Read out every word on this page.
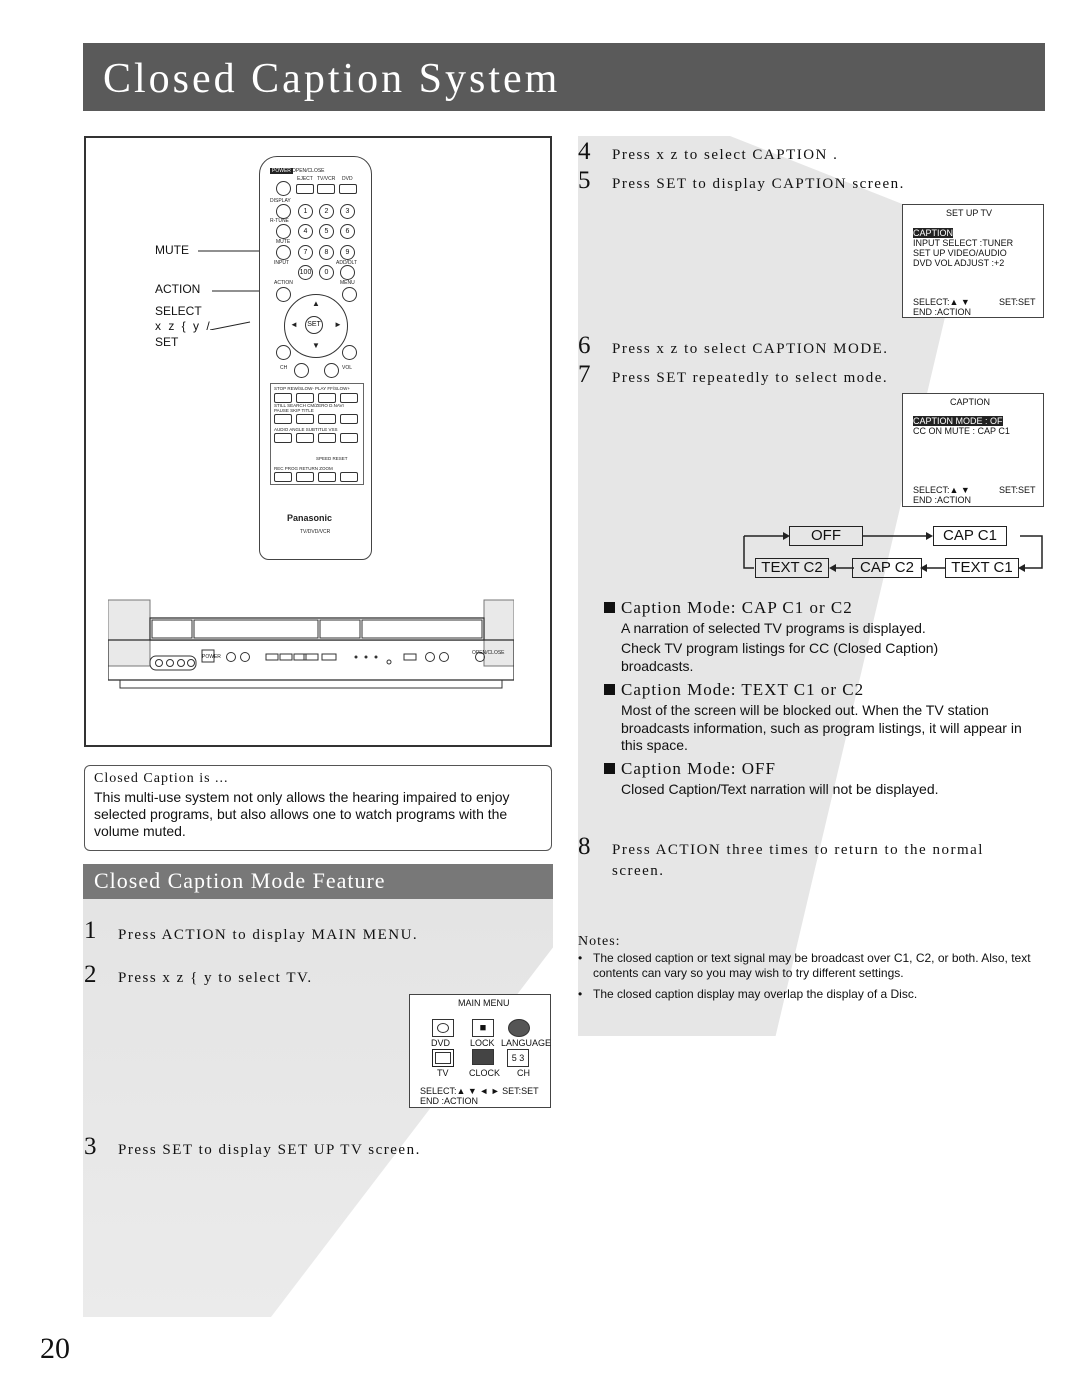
Closed Caption System
MUTE
ACTION
SELECT
x z { y /
SET
POWER OPEN/CLOSE
EJECT TV/VCR DVD
DISPLAY
1	2	3
R-TUNE
4	5	6
MUTE
7	8	9
INPUT	ADD/DLT
100	0
ACTION	MENU
SET
▲
▼
◄	►
CH	VOL
STOP REW/SLOW- PLAY FF/SLOW+
STILL SEARCH CM/ZERO D.NAVI
PAUSE SKIP TITLE
AUDIO ANGLE SUBTITLE VSS
SPEED RESET
REC PROG RETURN ZOOM
Panasonic
TV/DVD/VCR
POWER
OPEN/CLOSE
Closed Caption is ...
This multi-use system not only allows the hearing impaired to enjoy selected programs, but also allows one to watch programs with the volume muted.
Closed Caption Mode Feature
1 Press ACTION to display MAIN MENU.
2 Press x z { y to select TV.
MAIN MENU
■
DVD LOCK LANGUAGE
5 3
TV CLOCK CH
SELECT:▲ ▼ ◄ ► SET:SET
END :ACTION
3 Press SET to display SET UP TV screen.
4 Press x z to select CAPTION .
5 Press SET to display CAPTION screen.
SET UP TV
CAPTION
INPUT SELECT :TUNER
SET UP VIDEO/AUDIO
DVD VOL ADJUST :+2
SELECT:▲ ▼	SET:SET
END :ACTION
6 Press x z to select CAPTION MODE.
7 Press SET repeatedly to select mode.
CAPTION
CAPTION MODE : OF
CC ON MUTE : CAP C1
SELECT:▲ ▼	SET:SET
END :ACTION
OFF	CAP C1
TEXT C2	CAP C2	TEXT C1
Caption Mode: CAP C1 or C2
A narration of selected TV programs is displayed.
Check TV program listings for CC (Closed Caption) broadcasts.
Caption Mode: TEXT C1 or C2
Most of the screen will be blocked out. When the TV station broadcasts information, such as program listings, it will appear in this space.
Caption Mode: OFF
Closed Caption/Text narration will not be displayed.
8 Press ACTION three times to return to the normal
screen.
Notes:
• The closed caption or text signal may be broadcast over C1, C2, or both. Also, text contents can vary so you may wish to try different settings.
• The closed caption display may overlap the display of a Disc.
20
